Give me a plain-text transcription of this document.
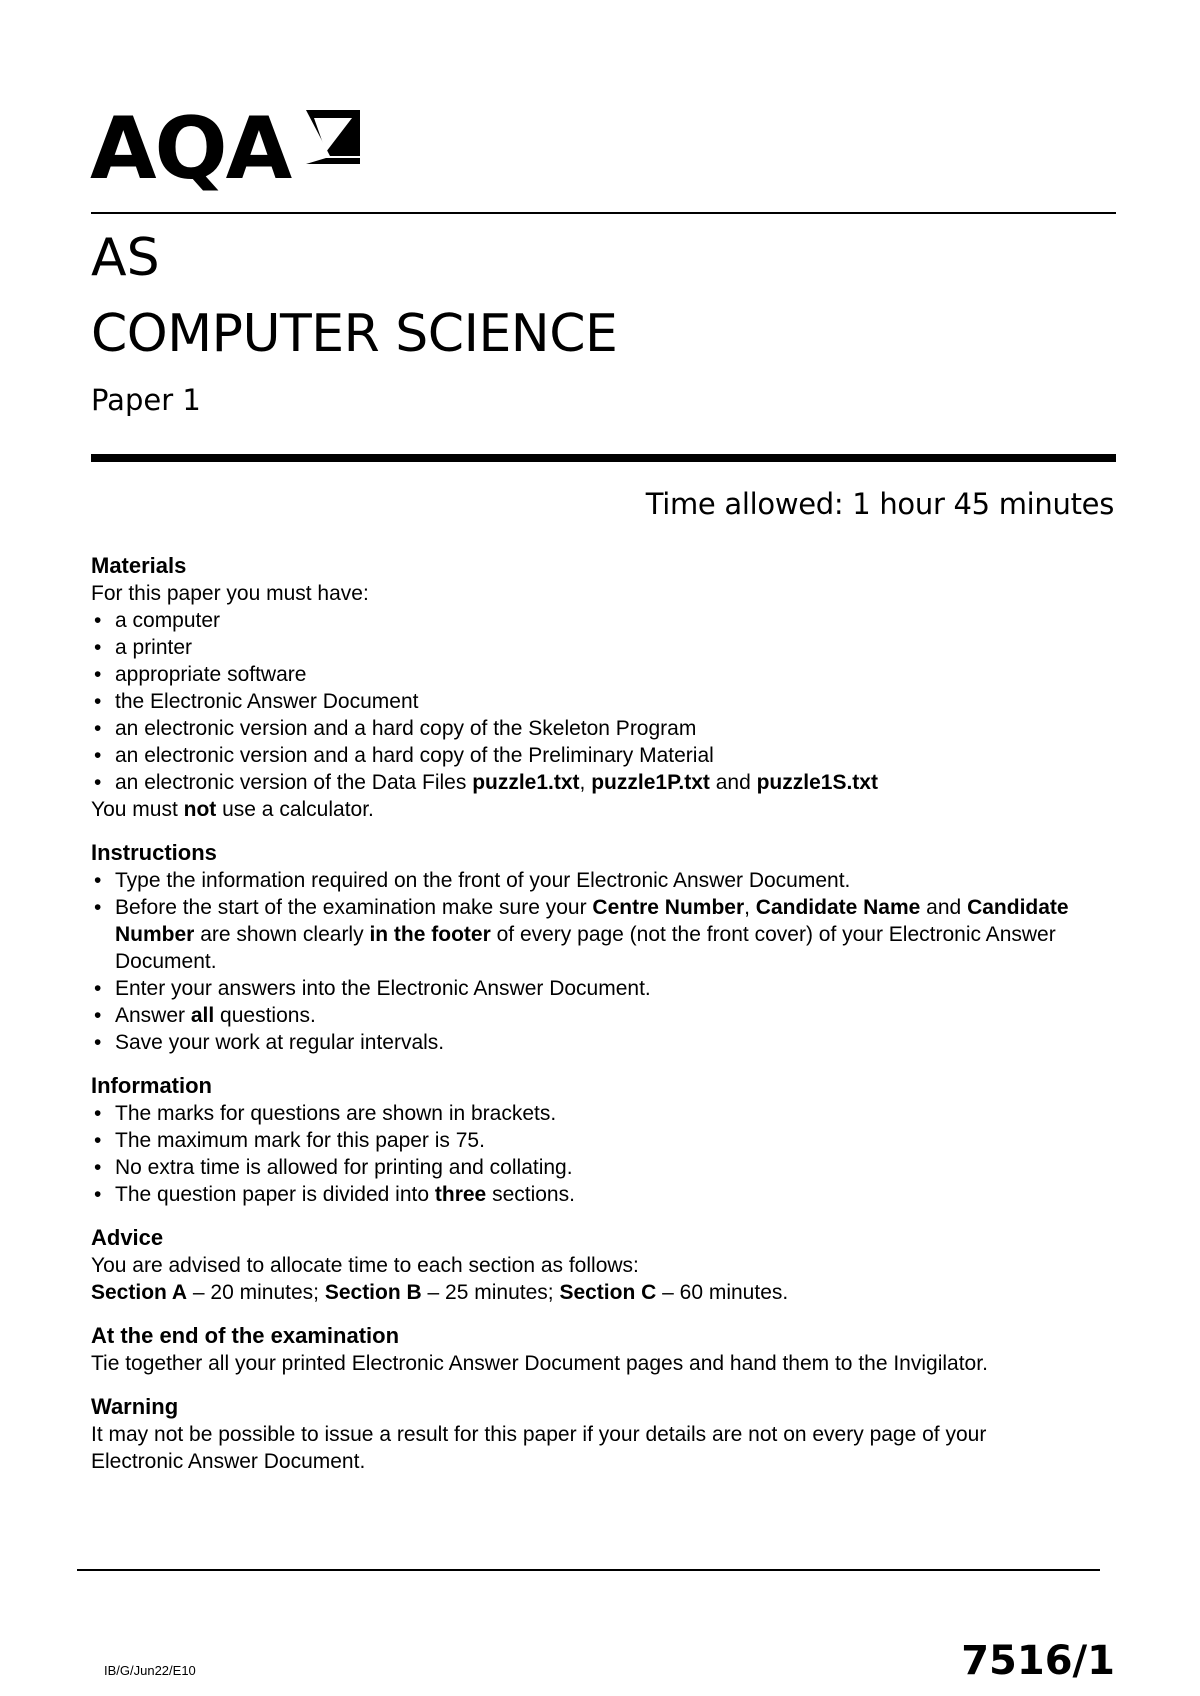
AQA
AS
COMPUTER SCIENCE
Paper 1
Time allowed: 1 hour 45 minutes
Materials

For this paper you must have:

• a computer
• a printer
• appropriate software
• the Electronic Answer Document
• an electronic version and a hard copy of the Skeleton Program
• an electronic version and a hard copy of the Preliminary Material
• an electronic version of the Data Files puzzle1.txt, puzzle1P.txt and puzzle1S.txt

You must not use a calculator.

Instructions
• Type the information required on the front of your Electronic Answer Document.
• Before the start of the examination make sure your Centre Number, Candidate Name and Candidate Number are shown clearly in the footer of every page (not the front cover) of your Electronic Answer Document.
• Enter your answers into the Electronic Answer Document.
• Answer all questions.
• Save your work at regular intervals.
Information
• The marks for questions are shown in brackets.
• The maximum mark for this paper is 75.
• No extra time is allowed for printing and collating.
• The question paper is divided into three sections.
Advice

You are advised to allocate time to each section as follows:

Section A – 20 minutes; Section B – 25 minutes; Section C – 60 minutes.

At the end of the examination

Tie together all your printed Electronic Answer Document pages and hand them to the Invigilator.

Warning

It may not be possible to issue a result for this paper if your details are not on every page of your Electronic Answer Document.

IB/G/Jun22/E10	7516/1
